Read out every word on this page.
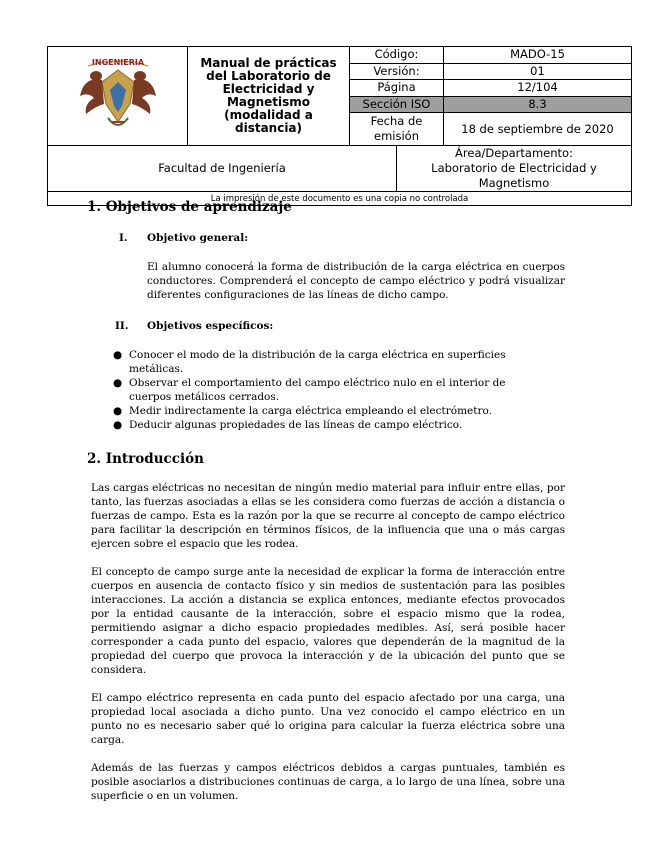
INGENIERIA	Manual de prácticas del Laboratorio de Electricidad y Magnetismo (modalidad a distancia)	Código:		MADO-15
		Versión:		01
		Página		12/104
		Sección ISO		8.3
		Fecha de emisión		18 de septiembre de 2020
Facultad de Ingeniería			Área/Departamento:
Laboratorio de Electricidad y Magnetismo	

La impresión de este documento es una copia no controlada				
1. Objetivos de aprendizaje
I.	Objetivo general:

El alumno conocerá la forma de distribución de la carga eléctrica en cuerpos conductores. Comprenderá el concepto de campo eléctrico y podrá visualizar diferentes configuraciones de las líneas de dicho campo.

II.	Objetivos específicos:
● Conocer el modo de la distribución de la carga eléctrica en superficies metálicas.
● Observar el comportamiento del campo eléctrico nulo en el interior de cuerpos metálicos cerrados.
● Medir indirectamente la carga eléctrica empleando el electrómetro.
● Deducir algunas propiedades de las líneas de campo eléctrico.
2. Introducción

Las cargas eléctricas no necesitan de ningún medio material para influir entre ellas, por tanto, las fuerzas asociadas a ellas se les considera como fuerzas de acción a distancia o fuerzas de campo. Esta es la razón por la que se recurre al concepto de campo eléctrico para facilitar la descripción en términos físicos, de la influencia que una o más cargas ejercen sobre el espacio que les rodea.

El concepto de campo surge ante la necesidad de explicar la forma de interacción entre cuerpos en ausencia de contacto físico y sin medios de sustentación para las posibles interacciones. La acción a distancia se explica entonces, mediante efectos provocados por la entidad causante de la interacción, sobre el espacio mismo que la rodea, permitiendo asignar a dicho espacio propiedades medibles. Así, será posible hacer corresponder a cada punto del espacio, valores que dependerán de la magnitud de la propiedad del cuerpo que provoca la interacción y de la ubicación del punto que se considera.

El campo eléctrico representa en cada punto del espacio afectado por una carga, una propiedad local asociada a dicho punto. Una vez conocido el campo eléctrico en un punto no es necesario saber qué lo origina para calcular la fuerza eléctrica sobre una carga.

Además de las fuerzas y campos eléctricos debidos a cargas puntuales, también es posible asociarlos a distribuciones continuas de carga, a lo largo de una línea, sobre una superficie o en un volumen.
